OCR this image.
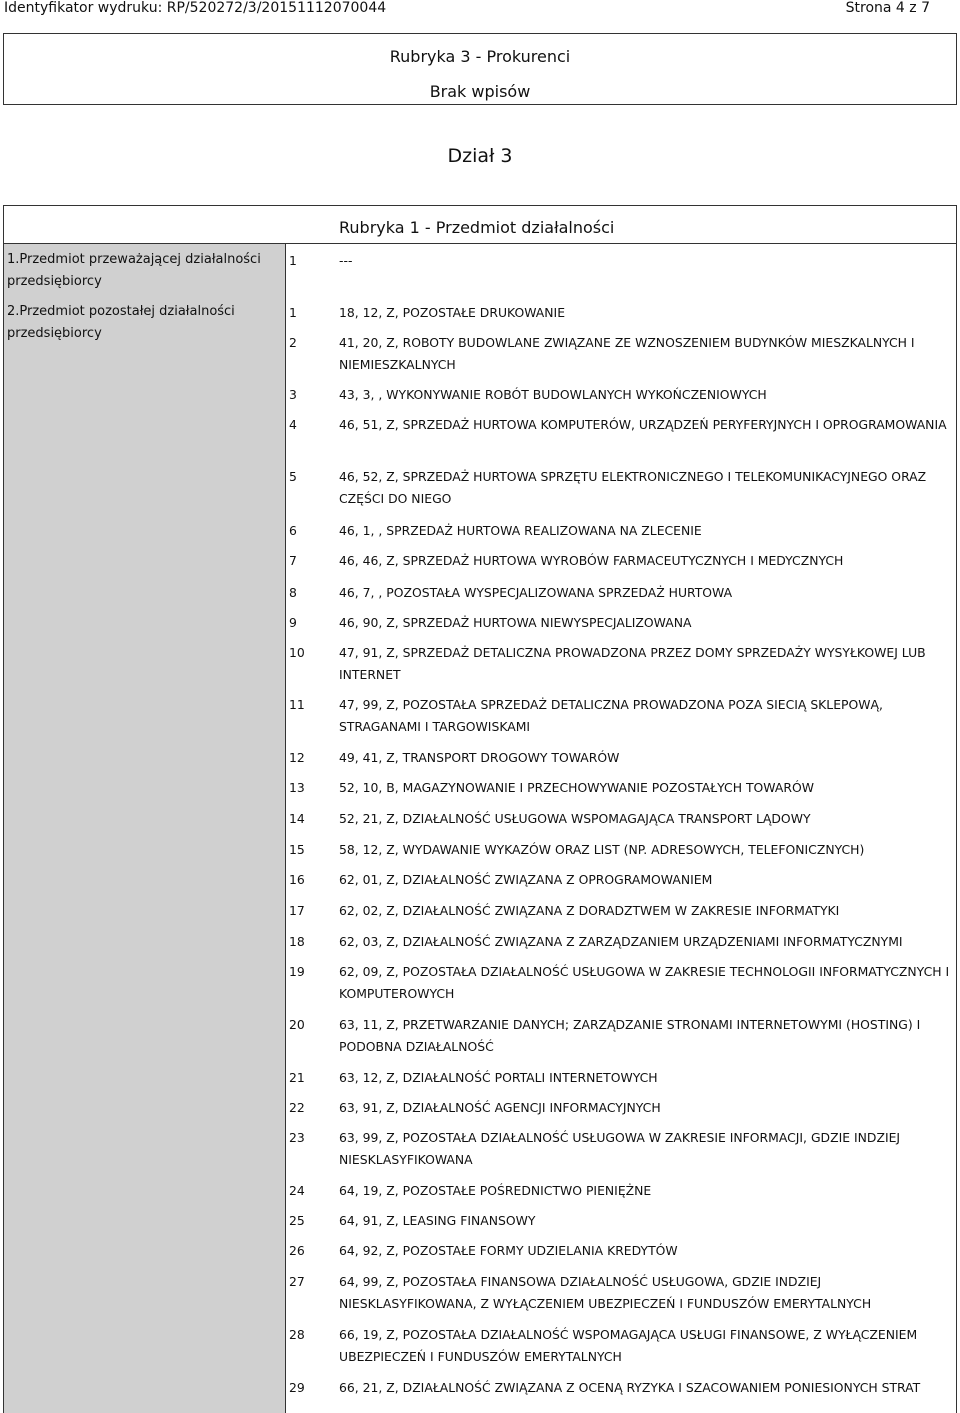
Identyfikator wydruku: RP/520272/3/20151112070044	Strona 4 z 7
Rubryka 3 - Prokurenci
Brak wpisów
Dział 3
Rubryka 1 - Przedmiot działalności
1.Przedmiot przeważającej działalności przedsiębiorcy
2.Przedmiot pozostałej działalności przedsiębiorcy
1	---
1	18, 12, Z, POZOSTAŁE DRUKOWANIE
2	41, 20, Z, ROBOTY BUDOWLANE ZWIĄZANE ZE WZNOSZENIEM BUDYNKÓW MIESZKALNYCH I NIEMIESZKALNYCH
3	43, 3, , WYKONYWANIE ROBÓT BUDOWLANYCH WYKOŃCZENIOWYCH
4	46, 51, Z, SPRZEDAŻ HURTOWA KOMPUTERÓW, URZĄDZEŃ PERYFERYJNYCH I OPROGRAMOWANIA
5	46, 52, Z, SPRZEDAŻ HURTOWA SPRZĘTU ELEKTRONICZNEGO I TELEKOMUNIKACYJNEGO ORAZ CZĘŚCI DO NIEGO
6	46, 1, , SPRZEDAŻ HURTOWA REALIZOWANA NA ZLECENIE
7	46, 46, Z, SPRZEDAŻ HURTOWA WYROBÓW FARMACEUTYCZNYCH I MEDYCZNYCH
8	46, 7, , POZOSTAŁA WYSPECJALIZOWANA SPRZEDAŻ HURTOWA
9	46, 90, Z, SPRZEDAŻ HURTOWA NIEWYSPECJALIZOWANA
10	47, 91, Z, SPRZEDAŻ DETALICZNA PROWADZONA PRZEZ DOMY SPRZEDAŻY WYSYŁKOWEJ LUB INTERNET
11	47, 99, Z, POZOSTAŁA SPRZEDAŻ DETALICZNA PROWADZONA POZA SIECIĄ SKLEPOWĄ, STRAGANAMI I TARGOWISKAMI
12	49, 41, Z, TRANSPORT DROGOWY TOWARÓW
13	52, 10, B, MAGAZYNOWANIE I PRZECHOWYWANIE POZOSTAŁYCH TOWARÓW
14	52, 21, Z, DZIAŁALNOŚĆ USŁUGOWA WSPOMAGAJĄCA TRANSPORT LĄDOWY
15	58, 12, Z, WYDAWANIE WYKAZÓW ORAZ LIST (NP. ADRESOWYCH, TELEFONICZNYCH)
16	62, 01, Z, DZIAŁALNOŚĆ ZWIĄZANA Z OPROGRAMOWANIEM
17	62, 02, Z, DZIAŁALNOŚĆ ZWIĄZANA Z DORADZTWEM W ZAKRESIE INFORMATYKI
18	62, 03, Z, DZIAŁALNOŚĆ ZWIĄZANA Z ZARZĄDZANIEM URZĄDZENIAMI INFORMATYCZNYMI
19	62, 09, Z, POZOSTAŁA DZIAŁALNOŚĆ USŁUGOWA W ZAKRESIE TECHNOLOGII INFORMATYCZNYCH I KOMPUTEROWYCH
20	63, 11, Z, PRZETWARZANIE DANYCH; ZARZĄDZANIE STRONAMI INTERNETOWYMI (HOSTING) I PODOBNA DZIAŁALNOŚĆ
21	63, 12, Z, DZIAŁALNOŚĆ PORTALI INTERNETOWYCH
22	63, 91, Z, DZIAŁALNOŚĆ AGENCJI INFORMACYJNYCH
23	63, 99, Z, POZOSTAŁA DZIAŁALNOŚĆ USŁUGOWA W ZAKRESIE INFORMACJI, GDZIE INDZIEJ NIESKLASYFIKOWANA
24	64, 19, Z, POZOSTAŁE POŚREDNICTWO PIENIĘŻNE
25	64, 91, Z, LEASING FINANSOWY
26	64, 92, Z, POZOSTAŁE FORMY UDZIELANIA KREDYTÓW
27	64, 99, Z, POZOSTAŁA FINANSOWA DZIAŁALNOŚĆ USŁUGOWA, GDZIE INDZIEJ NIESKLASYFIKOWANA, Z WYŁĄCZENIEM UBEZPIECZEŃ I FUNDUSZÓW EMERYTALNYCH
28	66, 19, Z, POZOSTAŁA DZIAŁALNOŚĆ WSPOMAGAJĄCA USŁUGI FINANSOWE, Z WYŁĄCZENIEM UBEZPIECZEŃ I FUNDUSZÓW EMERYTALNYCH
29	66, 21, Z, DZIAŁALNOŚĆ ZWIĄZANA Z OCENĄ RYZYKA I SZACOWANIEM PONIESIONYCH STRAT
